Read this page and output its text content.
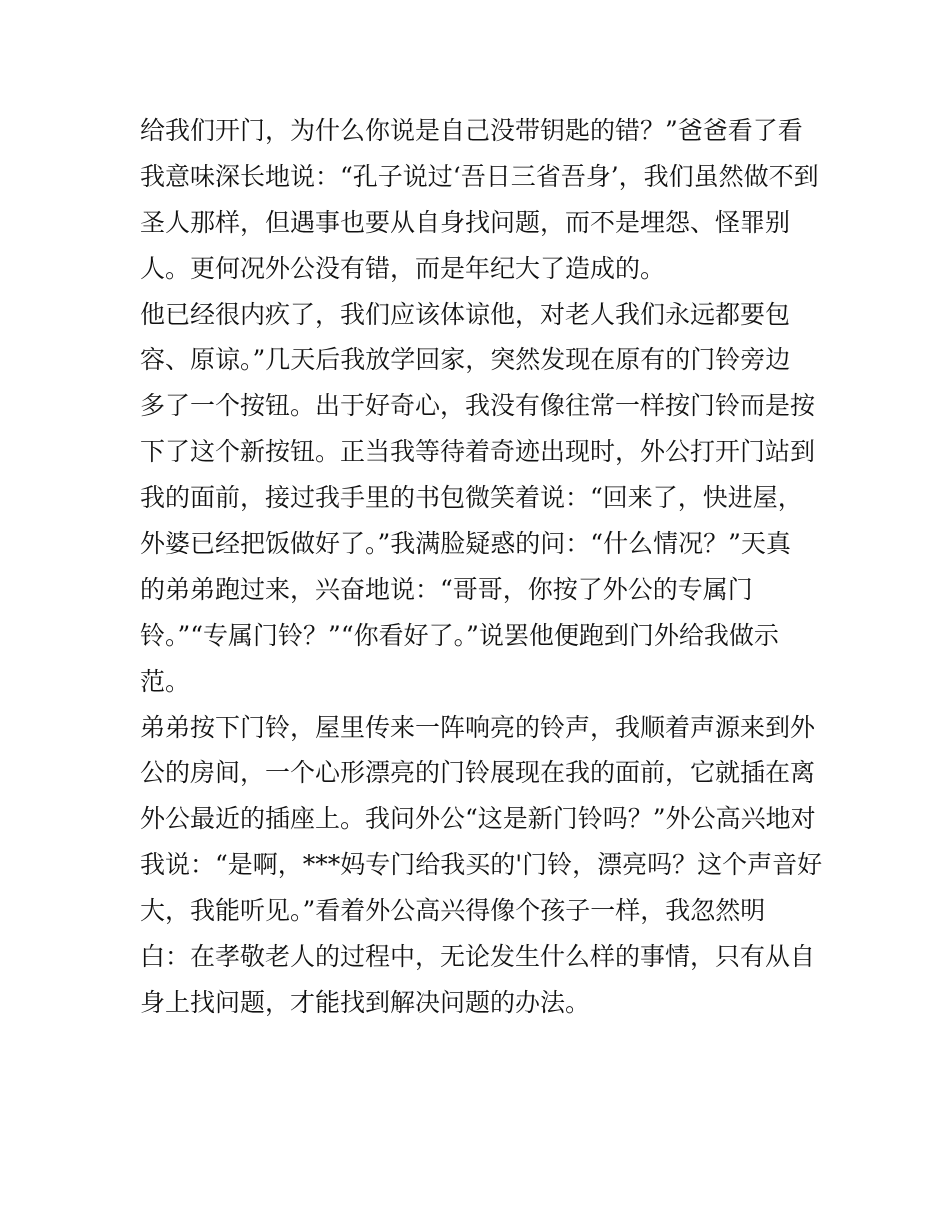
给我们开门，为什么你说是自己没带钥匙的错？”爸爸看了看
我意味深长地说：“孔子说过‘吾日三省吾身’，我们虽然做不到
圣人那样，但遇事也要从自身找问题，而不是埋怨、怪罪别
人。更何况外公没有错，而是年纪大了造成的。
他已经很内疚了，我们应该体谅他，对老人我们永远都要包
容、原谅。”几天后我放学回家，突然发现在原有的门铃旁边
多了一个按钮。出于好奇心，我没有像往常一样按门铃而是按
下了这个新按钮。正当我等待着奇迹出现时，外公打开门站到
我的面前，接过我手里的书包微笑着说：“回来了，快进屋，
外婆已经把饭做好了。”我满脸疑惑的问：“什么情况？”天真
的弟弟跑过来，兴奋地说：“哥哥，你按了外公的专属门
铃。”“专属门铃？”“你看好了。”说罢他便跑到门外给我做示
范。
弟弟按下门铃，屋里传来一阵响亮的铃声，我顺着声源来到外
公的房间，一个心形漂亮的门铃展现在我的面前，它就插在离
外公最近的插座上。我问外公“这是新门铃吗？”外公高兴地对
我说：“是啊，***妈专门给我买的'门铃，漂亮吗？这个声音好
大，我能听见。”看着外公高兴得像个孩子一样，我忽然明
白：在孝敬老人的过程中，无论发生什么样的事情，只有从自
身上找问题，才能找到解决问题的办法。
